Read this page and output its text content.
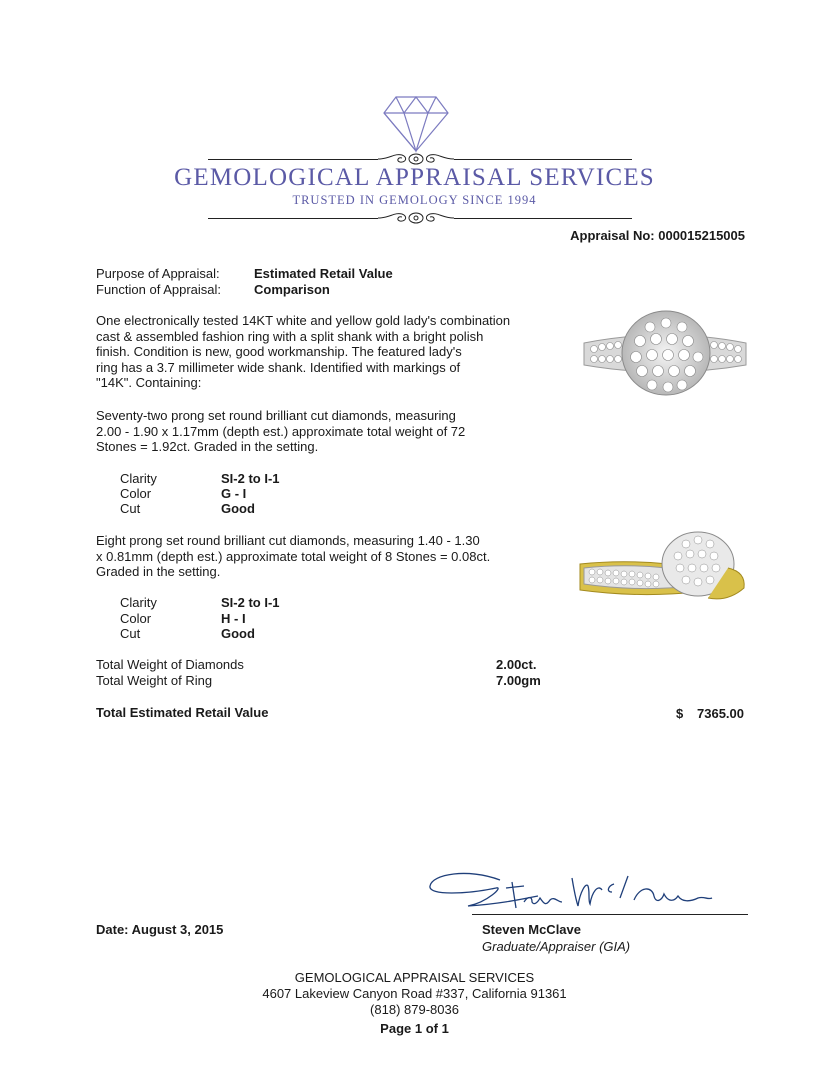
GEMOLOGICAL APPRAISAL SERVICES
TRUSTED IN GEMOLOGY SINCE 1994
Appraisal No: 000015215005
Purpose of Appraisal:	Estimated Retail Value
Function of Appraisal:	Comparison
One electronically tested 14KT white and yellow gold lady's combination
cast & assembled fashion ring with a split shank with a bright polish
finish. Condition is new, good workmanship. The featured lady's
ring has a 3.7 millimeter wide shank. Identified with markings of
"14K". Containing:
Seventy-two prong set round brilliant cut diamonds, measuring
2.00 - 1.90 x 1.17mm (depth est.) approximate total weight of 72
Stones = 1.92ct. Graded in the setting.
Clarity	SI-2 to I-1
Color	G - I
Cut	Good
Eight prong set round brilliant cut diamonds, measuring 1.40 - 1.30
x 0.81mm (depth est.) approximate total weight of 8 Stones = 0.08ct.
Graded in the setting.
Clarity	SI-2 to I-1
Color	H - I
Cut	Good
Total Weight of Diamonds	2.00ct.
Total Weight of Ring	7.00gm
Total Estimated Retail Value	$ 7365.00
Date: August 3, 2015	Steven McClave
Graduate/Appraiser (GIA)
GEMOLOGICAL APPRAISAL SERVICES
4607 Lakeview Canyon Road #337, California 91361
(818) 879-8036
Page 1 of 1
